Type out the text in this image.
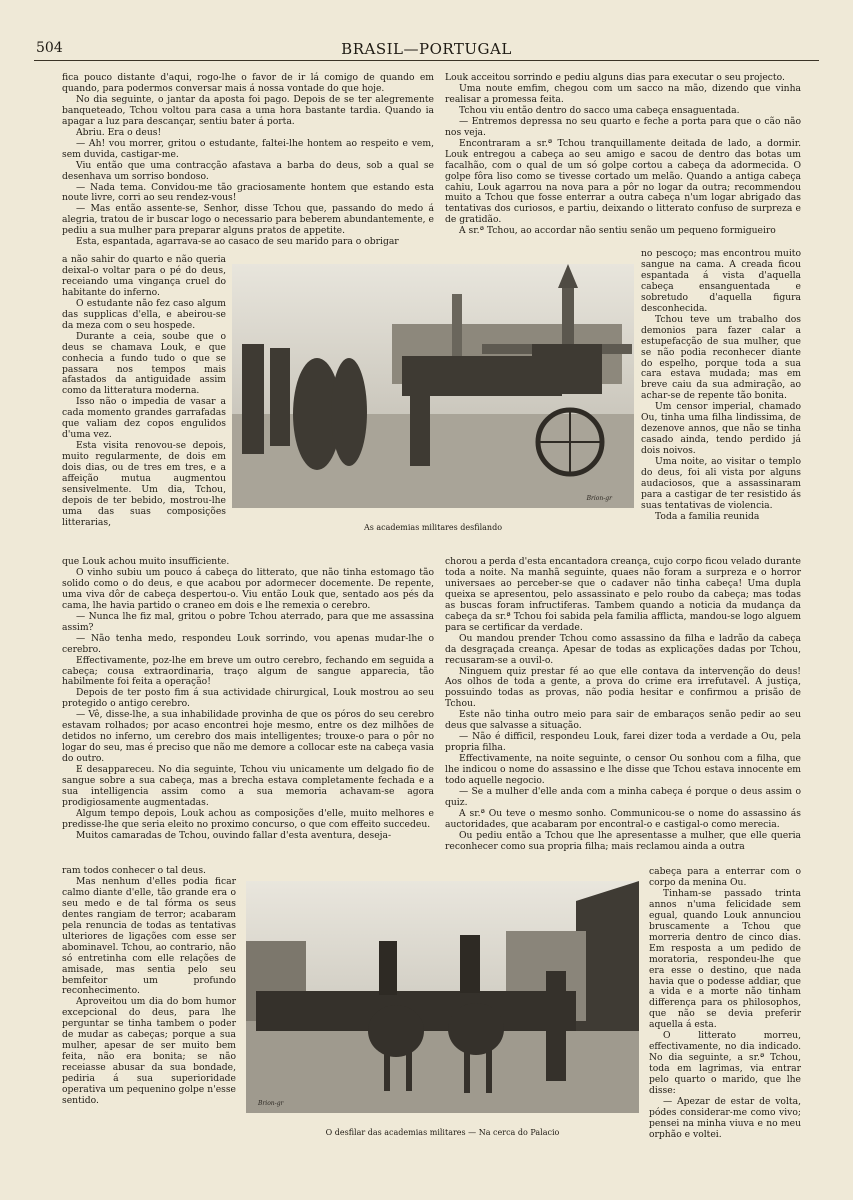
504	BRASIL—PORTUGAL

fica pouco distante d'aqui, rogo-lhe o favor de ir lá comigo de quando em quando, para podermos conversar mais á nossa vontade do que hoje.

No dia seguinte, o jantar da aposta foi pago. Depois de se ter alegremente banqueteado, Tchou voltou para casa a uma hora bastante tardia. Quando ia apagar a luz para descançar, sentiu bater á porta.

Abriu. Era o deus!

— Ah! vou morrer, gritou o estudante, faltei-lhe hontem ao respeito e vem, sem duvida, castigar-me.

Viu então que uma contracção afastava a barba do deus, sob a qual se desenhava um sorriso bondoso.

— Nada tema. Convidou-me tão graciosamente hontem que estando esta noute livre, corri ao seu rendez-vous!

— Mas então assente-se, Senhor, disse Tchou que, passando do medo á alegria, tratou de ir buscar logo o necessario para beberem abundantemente, e pediu a sua mulher para preparar alguns pratos de appetite.

Esta, espantada, agarrava-se ao casaco de seu marido para o obrigar

a não sahir do quarto e não queria deixal-o voltar para o pé do deus, receiando uma vingança cruel do habitante do inferno.

O estudante não fez caso algum das supplicas d'ella, e abeirou-se da meza com o seu hospede.

Durante a ceia, soube que o deus se chamava Louk, e que conhecia a fundo tudo o que se passara nos tempos mais afastados da antiguidade assim como da litteratura moderna.

Isso não o impedia de vasar a cada momento grandes garrafadas que valiam dez copos engulidos d'uma vez.

Esta visita renovou-se depois, muito regularmente, de dois em dois dias, ou de tres em tres, e a affeição mutua augmentou sensivelmente. Um dia, Tchou, depois de ter bebido, mostrou-lhe uma das suas composições litterarias,

que Louk achou muito insufficiente.

O vinho subiu um pouco á cabeça do litterato, que não tinha estomago tão solido como o do deus, e que acabou por adormecer docemente. De repente, uma viva dôr de cabeça despertou-o. Viu então Louk que, sentado aos pés da cama, lhe havia partido o craneo em dois e lhe remexia o cerebro.

— Nunca lhe fiz mal, gritou o pobre Tchou aterrado, para que me assassina assim?

— Não tenha medo, respondeu Louk sorrindo, vou apenas mudar-lhe o cerebro.

Effectivamente, poz-lhe em breve um outro cerebro, fechando em seguida a cabeça; cousa extraordinaria, traço algum de sangue apparecia, tão habilmente foi feita a operação!

Depois de ter posto fim á sua actividade chirurgical, Louk mostrou ao seu protegido o antigo cerebro.

— Vê, disse-lhe, a sua inhabilidade provinha de que os póros do seu cerebro estavam rolhados; por acaso encontrei hoje mesmo, entre os dez milhões de detidos no inferno, um cerebro dos mais intelligentes; trouxe-o para o pôr no logar do seu, mas é preciso que não me demore a collocar este na cabeça vasia do outro.

E desappareceu. No dia seguinte, Tchou viu unicamente um delgado fio de sangue sobre a sua cabeça, mas a brecha estava completamente fechada e a sua intelligencia assim como a sua memoria achavam-se agora prodigiosamente augmentadas.

Algum tempo depois, Louk achou as composições d'elle, muito melhores e predisse-lhe que seria eleito no proximo concurso, o que com effeito succedeu.

Muitos camaradas de Tchou, ouvindo fallar d'esta aventura, deseja-

ram todos conhecer o tal deus.

Mas nenhum d'elles podia ficar calmo diante d'elle, tão grande era o seu medo e de tal fórma os seus dentes rangiam de terror; acabaram pela renuncia de todas as tentativas ulteriores de ligações com esse ser abominavel. Tchou, ao contrario, não só entretinha com elle relações de amisade, mas sentia pelo seu bemfeitor um profundo reconhecimento.

Aproveitou um dia do bom humor excepcional do deus, para lhe perguntar se tinha tambem o poder de mudar as cabeças; porque a sua mulher, apesar de ser muito bem feita, não era bonita; se não receiasse abusar da sua bondade, pediria á sua superioridade operativa um pequenino golpe n'esse sentido.

Louk acceitou sorrindo e pediu alguns dias para executar o seu projecto.

Uma noute emfim, chegou com um sacco na mão, dizendo que vinha realisar a promessa feita.

Tchou viu então dentro do sacco uma cabeça ensaguentada.

— Entremos depressa no seu quarto e feche a porta para que o cão não nos veja.

Encontraram a sr.ª Tchou tranquillamente deitada de lado, a dormir. Louk entregou a cabeça ao seu amigo e sacou de dentro das botas um facalhão, com o qual de um só golpe cortou a cabeça da adormecida. O golpe fôra liso como se tivesse cortado um melão. Quando a antiga cabeça cahiu, Louk agarrou na nova para a pôr no logar da outra; recommendou muito a Tchou que fosse enterrar a outra cabeça n'um logar abrigado das tentativas dos curiosos, e partiu, deixando o litterato confuso de surpreza e de gratidão.

A sr.ª Tchou, ao accordar não sentiu senão um pequeno formigueiro

no pescoço; mas encontrou muito sangue na cama. A creada ficou espantada á vista d'aquella cabeça ensanguentada e sobretudo d'aquella figura desconhecida.

Tchou teve um trabalho dos demonios para fazer calar a estupefacção de sua mulher, que se não podia reconhecer diante do espelho, porque toda a sua cara estava mudada; mas em breve caiu da sua admiração, ao achar-se de repente tão bonita.

Um censor imperial, chamado Ou, tinha uma filha lindissima, de dezenove annos, que não se tinha casado ainda, tendo perdido já dois noivos.

Uma noite, ao visitar o templo do deus, foi ali vista por alguns audaciosos, que a assassinaram para a castigar de ter resistido ás suas tentativas de violencia.

Toda a familia reunida

chorou a perda d'esta encantadora creança, cujo corpo ficou velado durante toda a noite. Na manhã seguinte, quaes não foram a surpreza e o horror universaes ao perceber-se que o cadaver não tinha cabeça! Uma dupla queixa se apresentou, pelo assassinato e pelo roubo da cabeça; mas todas as buscas foram infructiferas. Tambem quando a noticia da mudança da cabeça da sr.ª Tchou foi sabida pela familia afflicta, mandou-se logo alguem para se certificar da verdade.

Ou mandou prender Tchou como assassino da filha e ladrão da cabeça da desgraçada creança. Apesar de todas as explicações dadas por Tchou, recusaram-se a ouvil-o.

Ninguem quiz prestar fé ao que elle contava da intervenção do deus! Aos olhos de toda a gente, a prova do crime era irrefutavel. A justiça, possuindo todas as provas, não podia hesitar e confirmou a prisão de Tchou.

Este não tinha outro meio para sair de embaraços senão pedir ao seu deus que salvasse a situação.

— Não é difficil, respondeu Louk, farei dizer toda a verdade a Ou, pela propria filha.

Effectivamente, na noite seguinte, o censor Ou sonhou com a filha, que lhe indicou o nome do assassino e lhe disse que Tchou estava innocente em todo aquelle negocio.

— Se a mulher d'elle anda com a minha cabeça é porque o deus assim o quiz.

A sr.ª Ou teve o mesmo sonho. Communicou-se o nome do assassino ás auctoridades, que acabaram por encontral-o e castigal-o como merecia.

Ou pediu então a Tchou que lhe apresentasse a mulher, que elle queria reconhecer como sua propria filha; mais reclamou ainda a outra

cabeça para a enterrar com o corpo da menina Ou.

Tinham-se passado trinta annos n'uma felicidade sem egual, quando Louk annunciou bruscamente a Tchou que morreria dentro de cinco dias. Em resposta a um pedido de moratoria, respondeu-lhe que era esse o destino, que nada havia que o podesse addiar, que a vida e a morte não tinham differença para os philosophos, que não se devia preferir aquella á esta.

O litterato morreu, effectivamente, no dia indicado. No dia seguinte, a sr.ª Tchou, toda em lagrimas, via entrar pelo quarto o marido, que lhe disse:

— Apezar de estar de volta, pódes considerar-me como vivo; pensei na minha viuva e no meu orphão e voltei.

Brion-gr

As academias militares desfilando

Brion-gr

O desfilar das academias militares — Na cerca do Palacio
